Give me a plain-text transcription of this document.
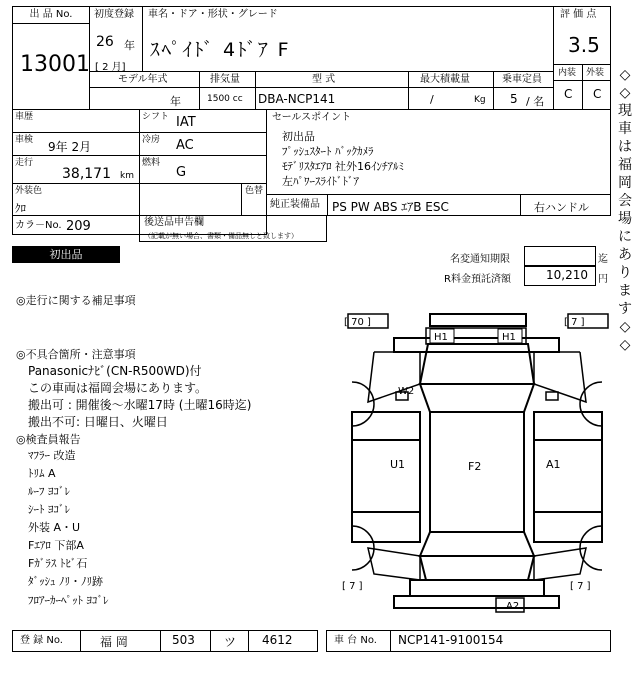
出 品 No.
13001
初度登録
26 年
[ 2 月]
車名・ドア・形状・グレード
ｽﾍﾟｲﾄﾞ 4ﾄﾞｱ F
評 価 点
3.5
内装 外装
C C
モデル年式
年
排気量
1500 cc
型 式
DBA-NCP141
最大積載量
/	Kg
乗車定員
5 / 名
車歴	シフト IAT
車検 9年 2月	冷房 AC
走行
38,171 km
燃料
G
外装色
ｸﾛ
色替
カラ－No. 209	後送品申告欄
（記載が無い場合、書類・備品無しと致します）
セールスポイント
初出品
ﾌﾟｯｼｭｽﾀｰﾄ ﾊﾞｯｸｶﾒﾗ
ﾓﾃﾞﾘｽﾀｴｱﾛ 社外16ｲﾝﾁｱﾙﾐ
左ﾊﾟﾜｰｽﾗｲﾄﾞﾄﾞｱ
純正装備品 PS PW ABS ｴｱB ESC	右ハンドル
初出品	名変通知期限	迄
R料金預託済額	10,210 円
◎走行に関する補足事項
◎不具合箇所・注意事項
Panasonicﾅﾋﾞ(CN-R500WD)付
この車両は福岡会場にあります。
搬出可 : 開催後～水曜17時 (土曜16時迄)
搬出不可: 日曜日、火曜日
◎検査員報告
ﾏﾌﾗｰ 改造
ﾄﾘﾑ A
ﾙｰﾌ ﾖｺﾞﾚ
ｼｰﾄ ﾖｺﾞﾚ
外装 A・U
Fｴｱﾛ 下部A
Fｶﾞﾗｽ ﾄﾋﾞ石
ﾀﾞｯｼｭ ﾉﾘ・ﾉﾘ跡
ﾌﾛｱｰｶｰﾍﾟｯﾄ ﾖｺﾞﾚ
[ 70 ]	[ 7 ]
[ 7 ]	[ 7 ]
H1	H1
W2
U1	F2	A1
A2
登 録 No.	福 岡	503 ツ 4612	車 台 No. NCP141-9100154
◇
◇
現
車
は
福
岡
会
場
に
あ
り
ま
す
◇
◇
